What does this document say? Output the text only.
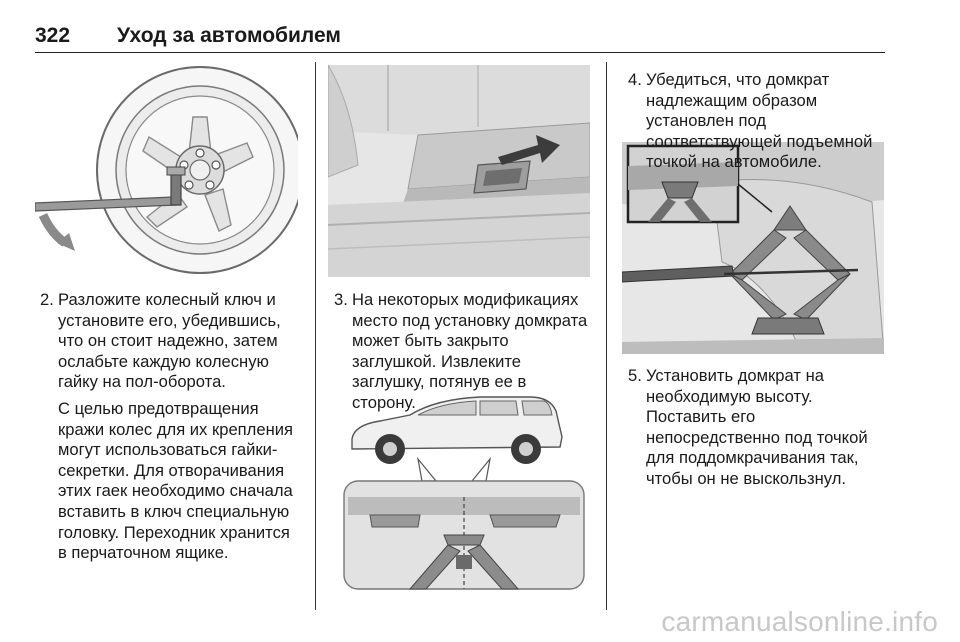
322 Уход за автомобилем
2. Разложите колесный ключ и установите его, убедившись, что он стоит надежно, затем ослабьте каждую колесную гайку на пол-оборота.
С целью предотвращения кражи колес для их крепления могут использоваться гайки-секретки. Для отворачивания этих гаек необходимо сначала вставить в ключ специальную головку. Переходник хранится в перчаточном ящике.
3. На некоторых модификациях место под установку домкрата может быть закрыто заглушкой. Извлеките заглушку, потянув ее в сторону.
4. Убедиться, что домкрат надлежащим образом установлен под соответствующей подъемной точкой на автомобиле.
5. Установить домкрат на необходимую высоту. Поставить его непосредственно под точкой для поддомкрачивания так, чтобы он не выскользнул.
carmanualsonline.info
